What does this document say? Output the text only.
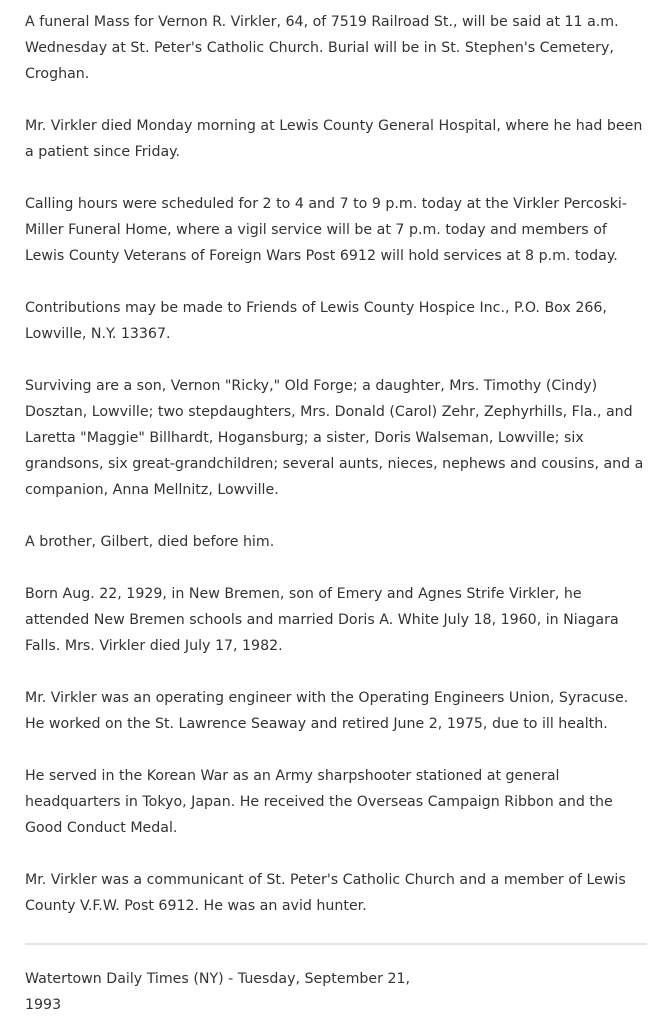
A funeral Mass for Vernon R. Virkler, 64, of 7519 Railroad St., will be said at 11 a.m. Wednesday at St. Peter's Catholic Church. Burial will be in St. Stephen's Cemetery, Croghan.

Mr. Virkler died Monday morning at Lewis County General Hospital, where he had been a patient since Friday.

Calling hours were scheduled for 2 to 4 and 7 to 9 p.m. today at the Virkler Percoski-Miller Funeral Home, where a vigil service will be at 7 p.m. today and members of Lewis County Veterans of Foreign Wars Post 6912 will hold services at 8 p.m. today.

Contributions may be made to Friends of Lewis County Hospice Inc., P.O. Box 266, Lowville, N.Y. 13367.

Surviving are a son, Vernon "Ricky," Old Forge; a daughter, Mrs. Timothy (Cindy) Dosztan, Lowville; two stepdaughters, Mrs. Donald (Carol) Zehr, Zephyrhills, Fla., and Laretta "Maggie" Billhardt, Hogansburg; a sister, Doris Walseman, Lowville; six grandsons, six great-grandchildren; several aunts, nieces, nephews and cousins, and a companion, Anna Mellnitz, Lowville.

A brother, Gilbert, died before him.

Born Aug. 22, 1929, in New Bremen, son of Emery and Agnes Strife Virkler, he attended New Bremen schools and married Doris A. White July 18, 1960, in Niagara Falls. Mrs. Virkler died July 17, 1982.

Mr. Virkler was an operating engineer with the Operating Engineers Union, Syracuse. He worked on the St. Lawrence Seaway and retired June 2, 1975, due to ill health.

He served in the Korean War as an Army sharpshooter stationed at general headquarters in Tokyo, Japan. He received the Overseas Campaign Ribbon and the Good Conduct Medal.

Mr. Virkler was a communicant of St. Peter's Catholic Church and a member of Lewis County V.F.W. Post 6912. He was an avid hunter.

Watertown Daily Times (NY) - Tuesday, September 21, 1993
